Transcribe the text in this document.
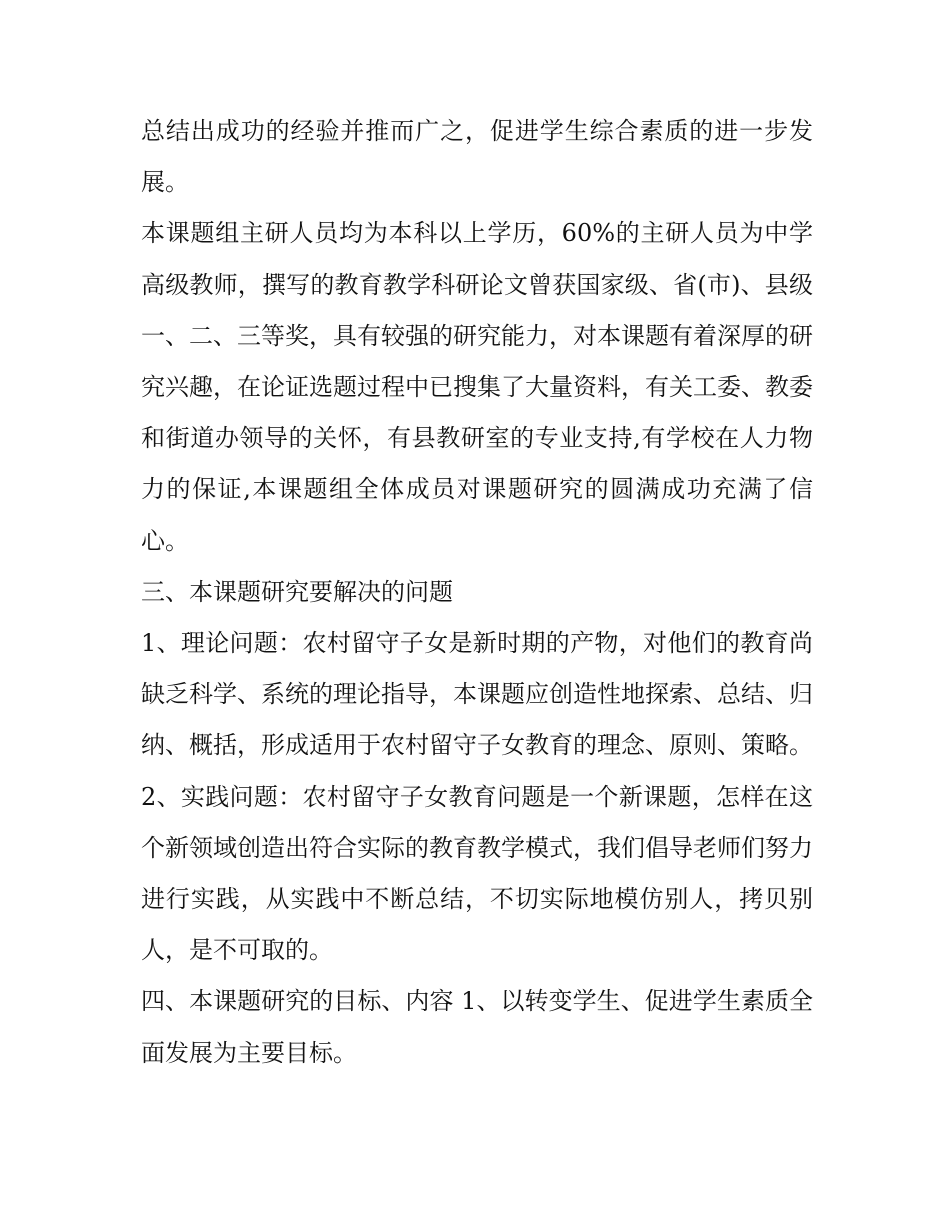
总结出成功的经验并推而广之，促进学生综合素质的进一步发展。

本课题组主研人员均为本科以上学历，60%的主研人员为中学高级教师，撰写的教育教学科研论文曾获国家级、省(市)、县级一、二、三等奖，具有较强的研究能力，对本课题有着深厚的研究兴趣，在论证选题过程中已搜集了大量资料，有关工委、教委和街道办领导的关怀，有县教研室的专业支持,有学校在人力物力的保证,本课题组全体成员对课题研究的圆满成功充满了信心。

三、本课题研究要解决的问题

1、理论问题：农村留守子女是新时期的产物，对他们的教育尚缺乏科学、系统的理论指导，本课题应创造性地探索、总结、归纳、概括，形成适用于农村留守子女教育的理念、原则、策略。

2、实践问题：农村留守子女教育问题是一个新课题，怎样在这个新领域创造出符合实际的教育教学模式，我们倡导老师们努力进行实践，从实践中不断总结，不切实际地模仿别人，拷贝别人，是不可取的。

四、本课题研究的目标、内容 1、以转变学生、促进学生素质全面发展为主要目标。
